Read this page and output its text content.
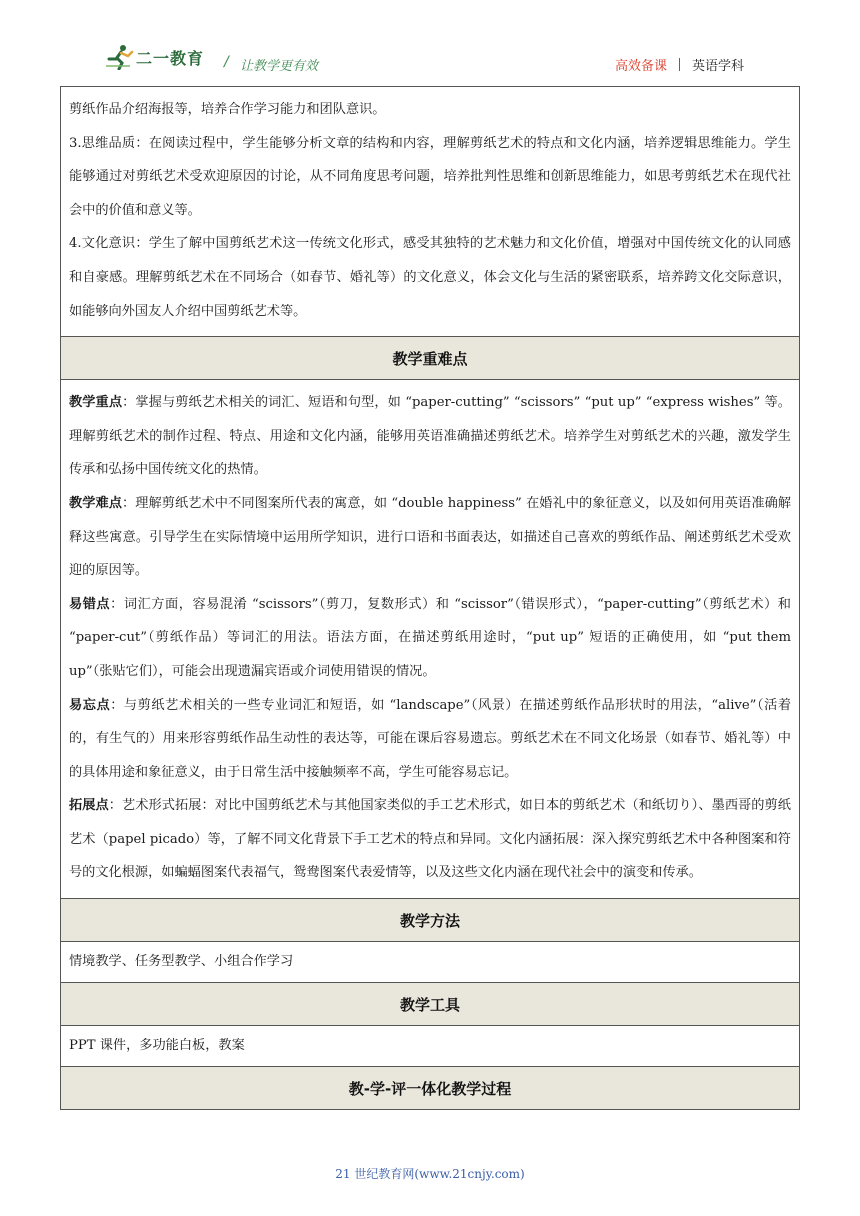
二一教育 / 让教学更有效	高效备课 英语学科

剪纸作品介绍海报等，培养合作学习能力和团队意识。

3.思维品质：在阅读过程中，学生能够分析文章的结构和内容，理解剪纸艺术的特点和文化内涵，培养逻辑思维能力。学生能够通过对剪纸艺术受欢迎原因的讨论，从不同角度思考问题，培养批判性思维和创新思维能力，如思考剪纸艺术在现代社会中的价值和意义等。

4.文化意识：学生了解中国剪纸艺术这一传统文化形式，感受其独特的艺术魅力和文化价值，增强对中国传统文化的认同感和自豪感。理解剪纸艺术在不同场合（如春节、婚礼等）的文化意义，体会文化与生活的紧密联系，培养跨文化交际意识，如能够向外国友人介绍中国剪纸艺术等。

教学重难点

教学重点：掌握与剪纸艺术相关的词汇、短语和句型，如 “paper-cutting” “scissors” “put up” “express wishes” 等。理解剪纸艺术的制作过程、特点、用途和文化内涵，能够用英语准确描述剪纸艺术。培养学生对剪纸艺术的兴趣，激发学生传承和弘扬中国传统文化的热情。

教学难点：理解剪纸艺术中不同图案所代表的寓意，如 “double happiness” 在婚礼中的象征意义，以及如何用英语准确解释这些寓意。引导学生在实际情境中运用所学知识，进行口语和书面表达，如描述自己喜欢的剪纸作品、阐述剪纸艺术受欢迎的原因等。

易错点：词汇方面，容易混淆 “scissors”（剪刀，复数形式）和 “scissor”（错误形式），“paper-cutting”（剪纸艺术）和 “paper-cut”（剪纸作品）等词汇的用法。语法方面，在描述剪纸用途时，“put up” 短语的正确使用，如 “put them up”（张贴它们），可能会出现遗漏宾语或介词使用错误的情况。

易忘点：与剪纸艺术相关的一些专业词汇和短语，如 “landscape”（风景）在描述剪纸作品形状时的用法，“alive”（活着的，有生气的）用来形容剪纸作品生动性的表达等，可能在课后容易遗忘。剪纸艺术在不同文化场景（如春节、婚礼等）中的具体用途和象征意义，由于日常生活中接触频率不高，学生可能容易忘记。

拓展点：艺术形式拓展：对比中国剪纸艺术与其他国家类似的手工艺术形式，如日本的剪纸艺术（和纸切り）、墨西哥的剪纸艺术（papel picado）等，了解不同文化背景下手工艺术的特点和异同。文化内涵拓展：深入探究剪纸艺术中各种图案和符号的文化根源，如蝙蝠图案代表福气，鸳鸯图案代表爱情等，以及这些文化内涵在现代社会中的演变和传承。

教学方法

情境教学、任务型教学、小组合作学习

教学工具

PPT 课件，多功能白板，教案

教-学-评一体化教学过程
21 世纪教育网(www.21cnjy.com)
